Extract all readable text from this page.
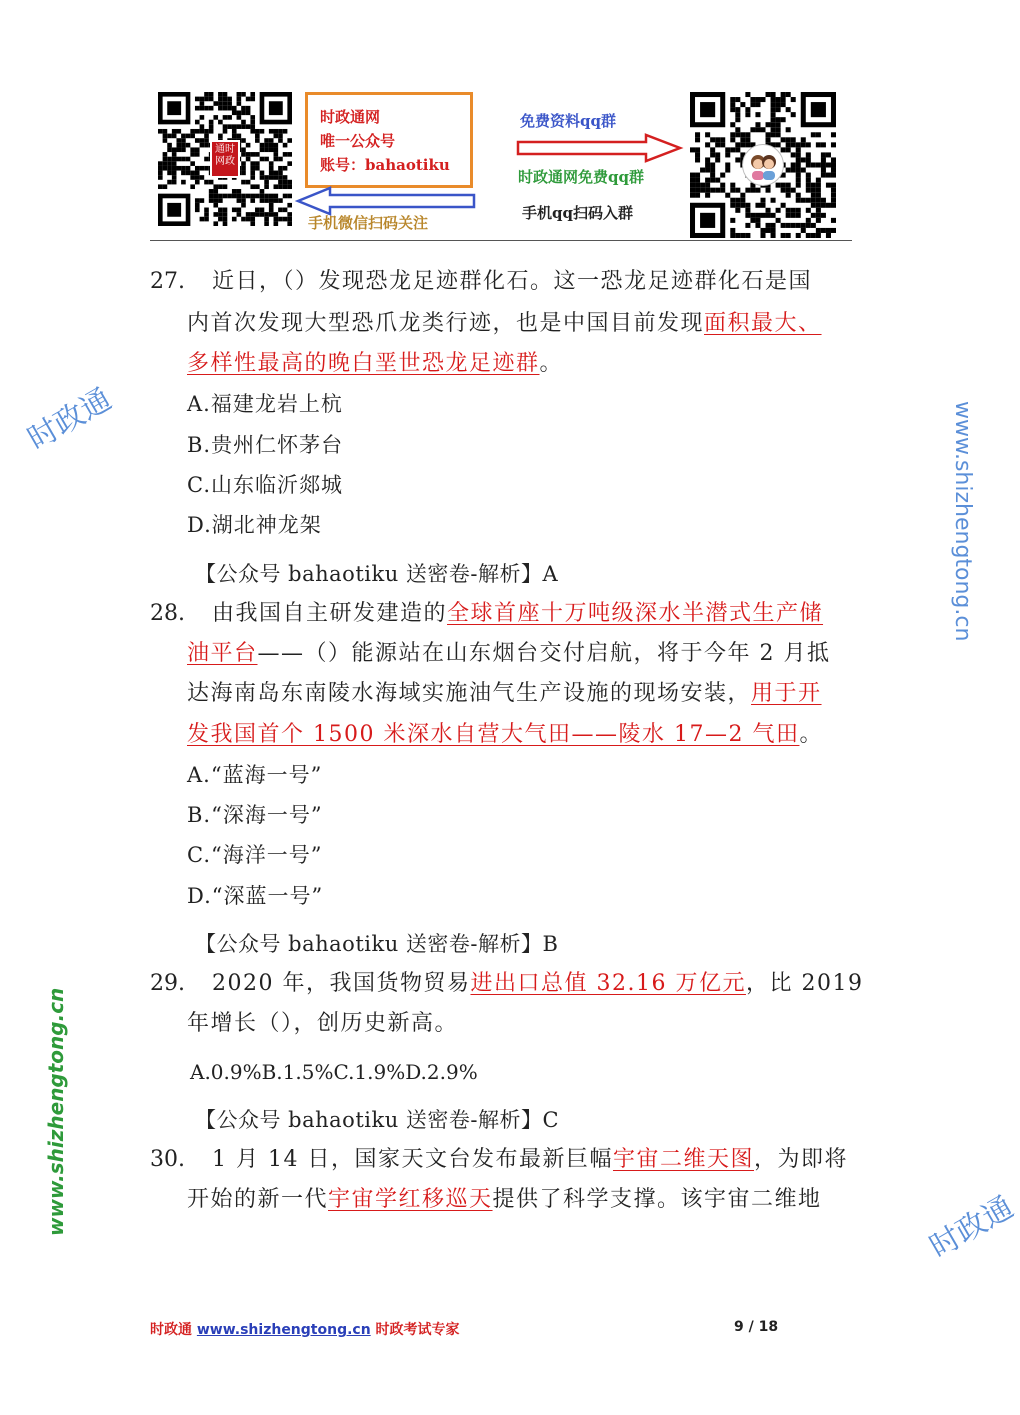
通时
网政
时政通网
唯一公众号
账号：bahaotiku
手机微信扫码关注
免费资料qq群
时政通网免费qq群
手机qq扫码入群
27. 近日，（）发现恐龙足迹群化石。这一恐龙足迹群化石是国
内首次发现大型恐爪龙类行迹，也是中国目前发现面积最大、
多样性最高的晚白垩世恐龙足迹群。
A.福建龙岩上杭
B.贵州仁怀茅台
C.山东临沂郯城
D.湖北神龙架
【公众号 bahaotiku 送密卷-解析】A
28. 由我国自主研发建造的全球首座十万吨级深水半潜式生产储
油平台——（）能源站在山东烟台交付启航，将于今年 2 月抵
达海南岛东南陵水海域实施油气生产设施的现场安装，用于开
发我国首个 1500 米深水自营大气田——陵水 17—2 气田。
A.“蓝海一号”
B.“深海一号”
C.“海洋一号”
D.“深蓝一号”
【公众号 bahaotiku 送密卷-解析】B
29. 2020 年，我国货物贸易进出口总值 32.16 万亿元，比 2019
年增长（），创历史新高。
A.0.9%B.1.5%C.1.9%D.2.9%
【公众号 bahaotiku 送密卷-解析】C
30. 1 月 14 日，国家天文台发布最新巨幅宇宙二维天图，为即将
开始的新一代宇宙学红移巡天提供了科学支撑。该宇宙二维地
时政通	www.shizhengtong.cn
www.shizhengtong.cn	时政通
时政通 www.shizhengtong.cn 时政考试专家	9 / 18
